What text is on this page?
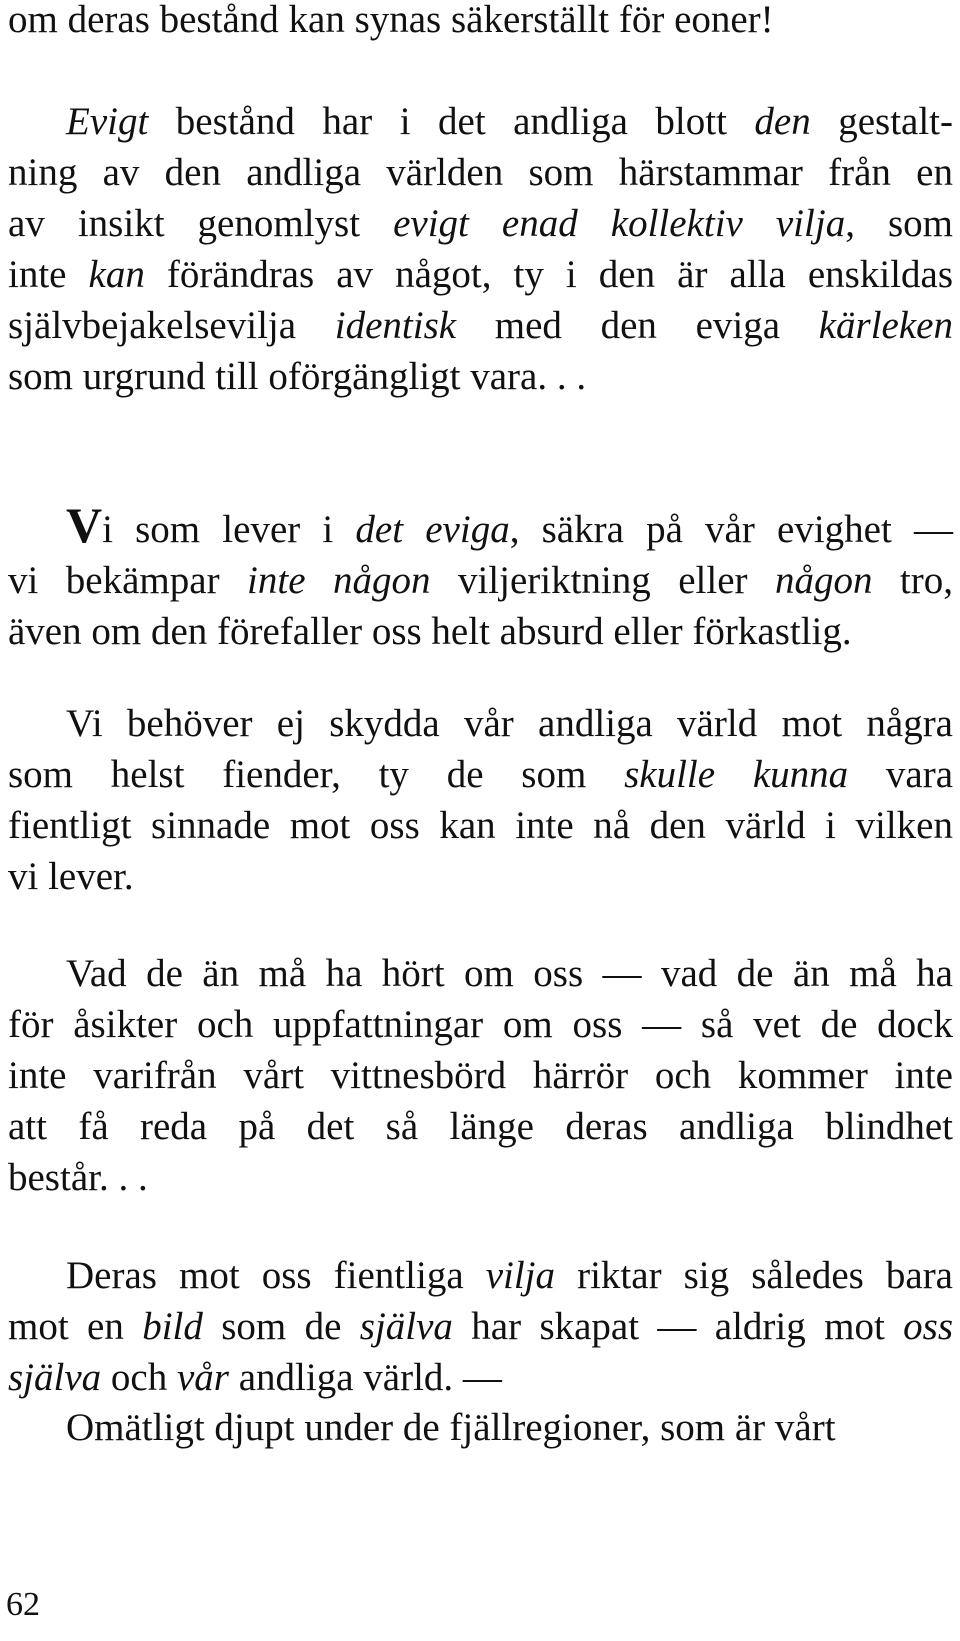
om deras bestånd kan synas säkerställt för eoner!
Evigt bestånd har i det andliga blott den gestalt-
ning av den andliga världen som härstammar från en
av insikt genomlyst evigt enad kollektiv vilja, som
inte kan förändras av något, ty i den är alla enskildas
självbejakelsevilja identisk med den eviga kärleken
som urgrund till oförgängligt vara. . .
Vi som lever i det eviga, säkra på vår evighet —
vi bekämpar inte någon viljeriktning eller någon tro,
även om den förefaller oss helt absurd eller förkastlig.
Vi behöver ej skydda vår andliga värld mot några
som helst fiender, ty de som skulle kunna vara
fientligt sinnade mot oss kan inte nå den värld i vilken
vi lever.
Vad de än må ha hört om oss — vad de än må ha
för åsikter och uppfattningar om oss — så vet de dock
inte varifrån vårt vittnesbörd härrör och kommer inte
att få reda på det så länge deras andliga blindhet
består. . .
Deras mot oss fientliga vilja riktar sig således bara
mot en bild som de själva har skapat — aldrig mot oss
själva och vår andliga värld. —
Omätligt djupt under de fjällregioner, som är vårt
62
